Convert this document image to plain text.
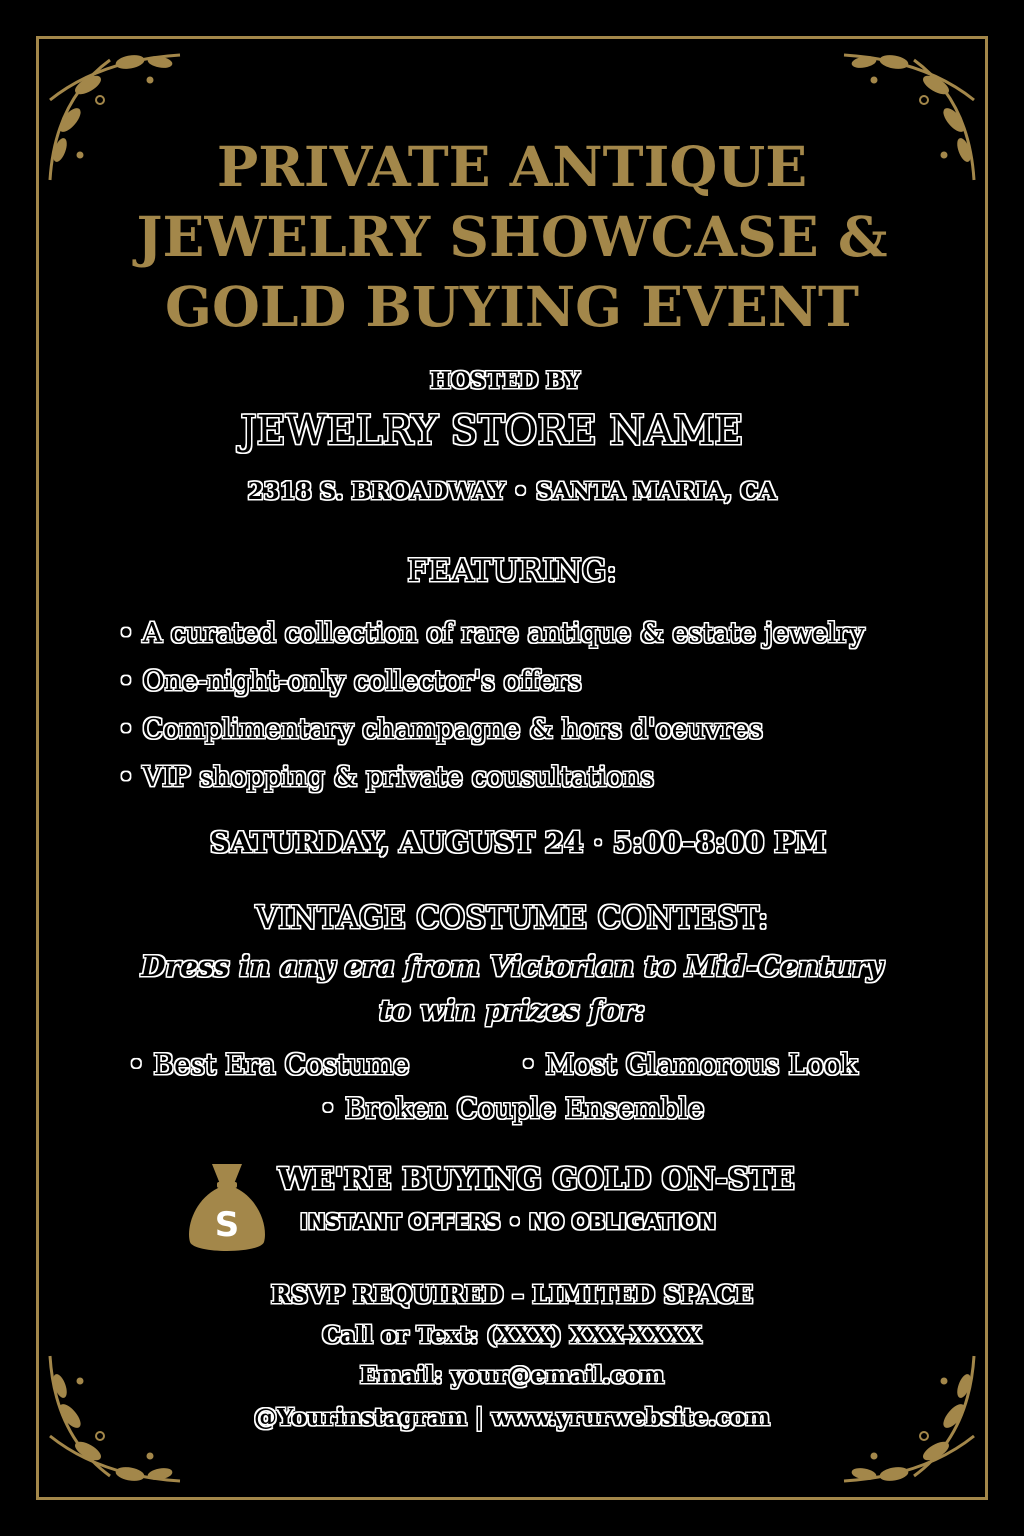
PRIVATE ANTIQUE
JEWELRY SHOWCASE &
GOLD BUYING EVENT
HOSTED BY
JEWELRY STORE NAME
2318 S. BROADWAY • SANTA MARIA, CA
FEATURING:
• A curated collection of rare antique & estate jewelry
• One-night-only collector's offers
• Complimentary champagne & hors d'oeuvres
• VIP shopping & private cousultations
SATURDAY, AUGUST 24 · 5:00–8:00 PM
VINTAGE COSTUME CONTEST:
Dress in any era from Victorian to Mid-Century
to win prizes for:
• Best Era Costume	• Most Glamorous Look
• Broken Couple Ensemble
S
WE'RE BUYING GOLD ON-STE
INSTANT OFFERS • NO OBLIGATION
RSVP REQUIRED – LIMITED SPACE
Call or Text: (XXX) XXX-XXXX
Email: your@email.com
@Yourinstagram | www.yrurwebsite.com
